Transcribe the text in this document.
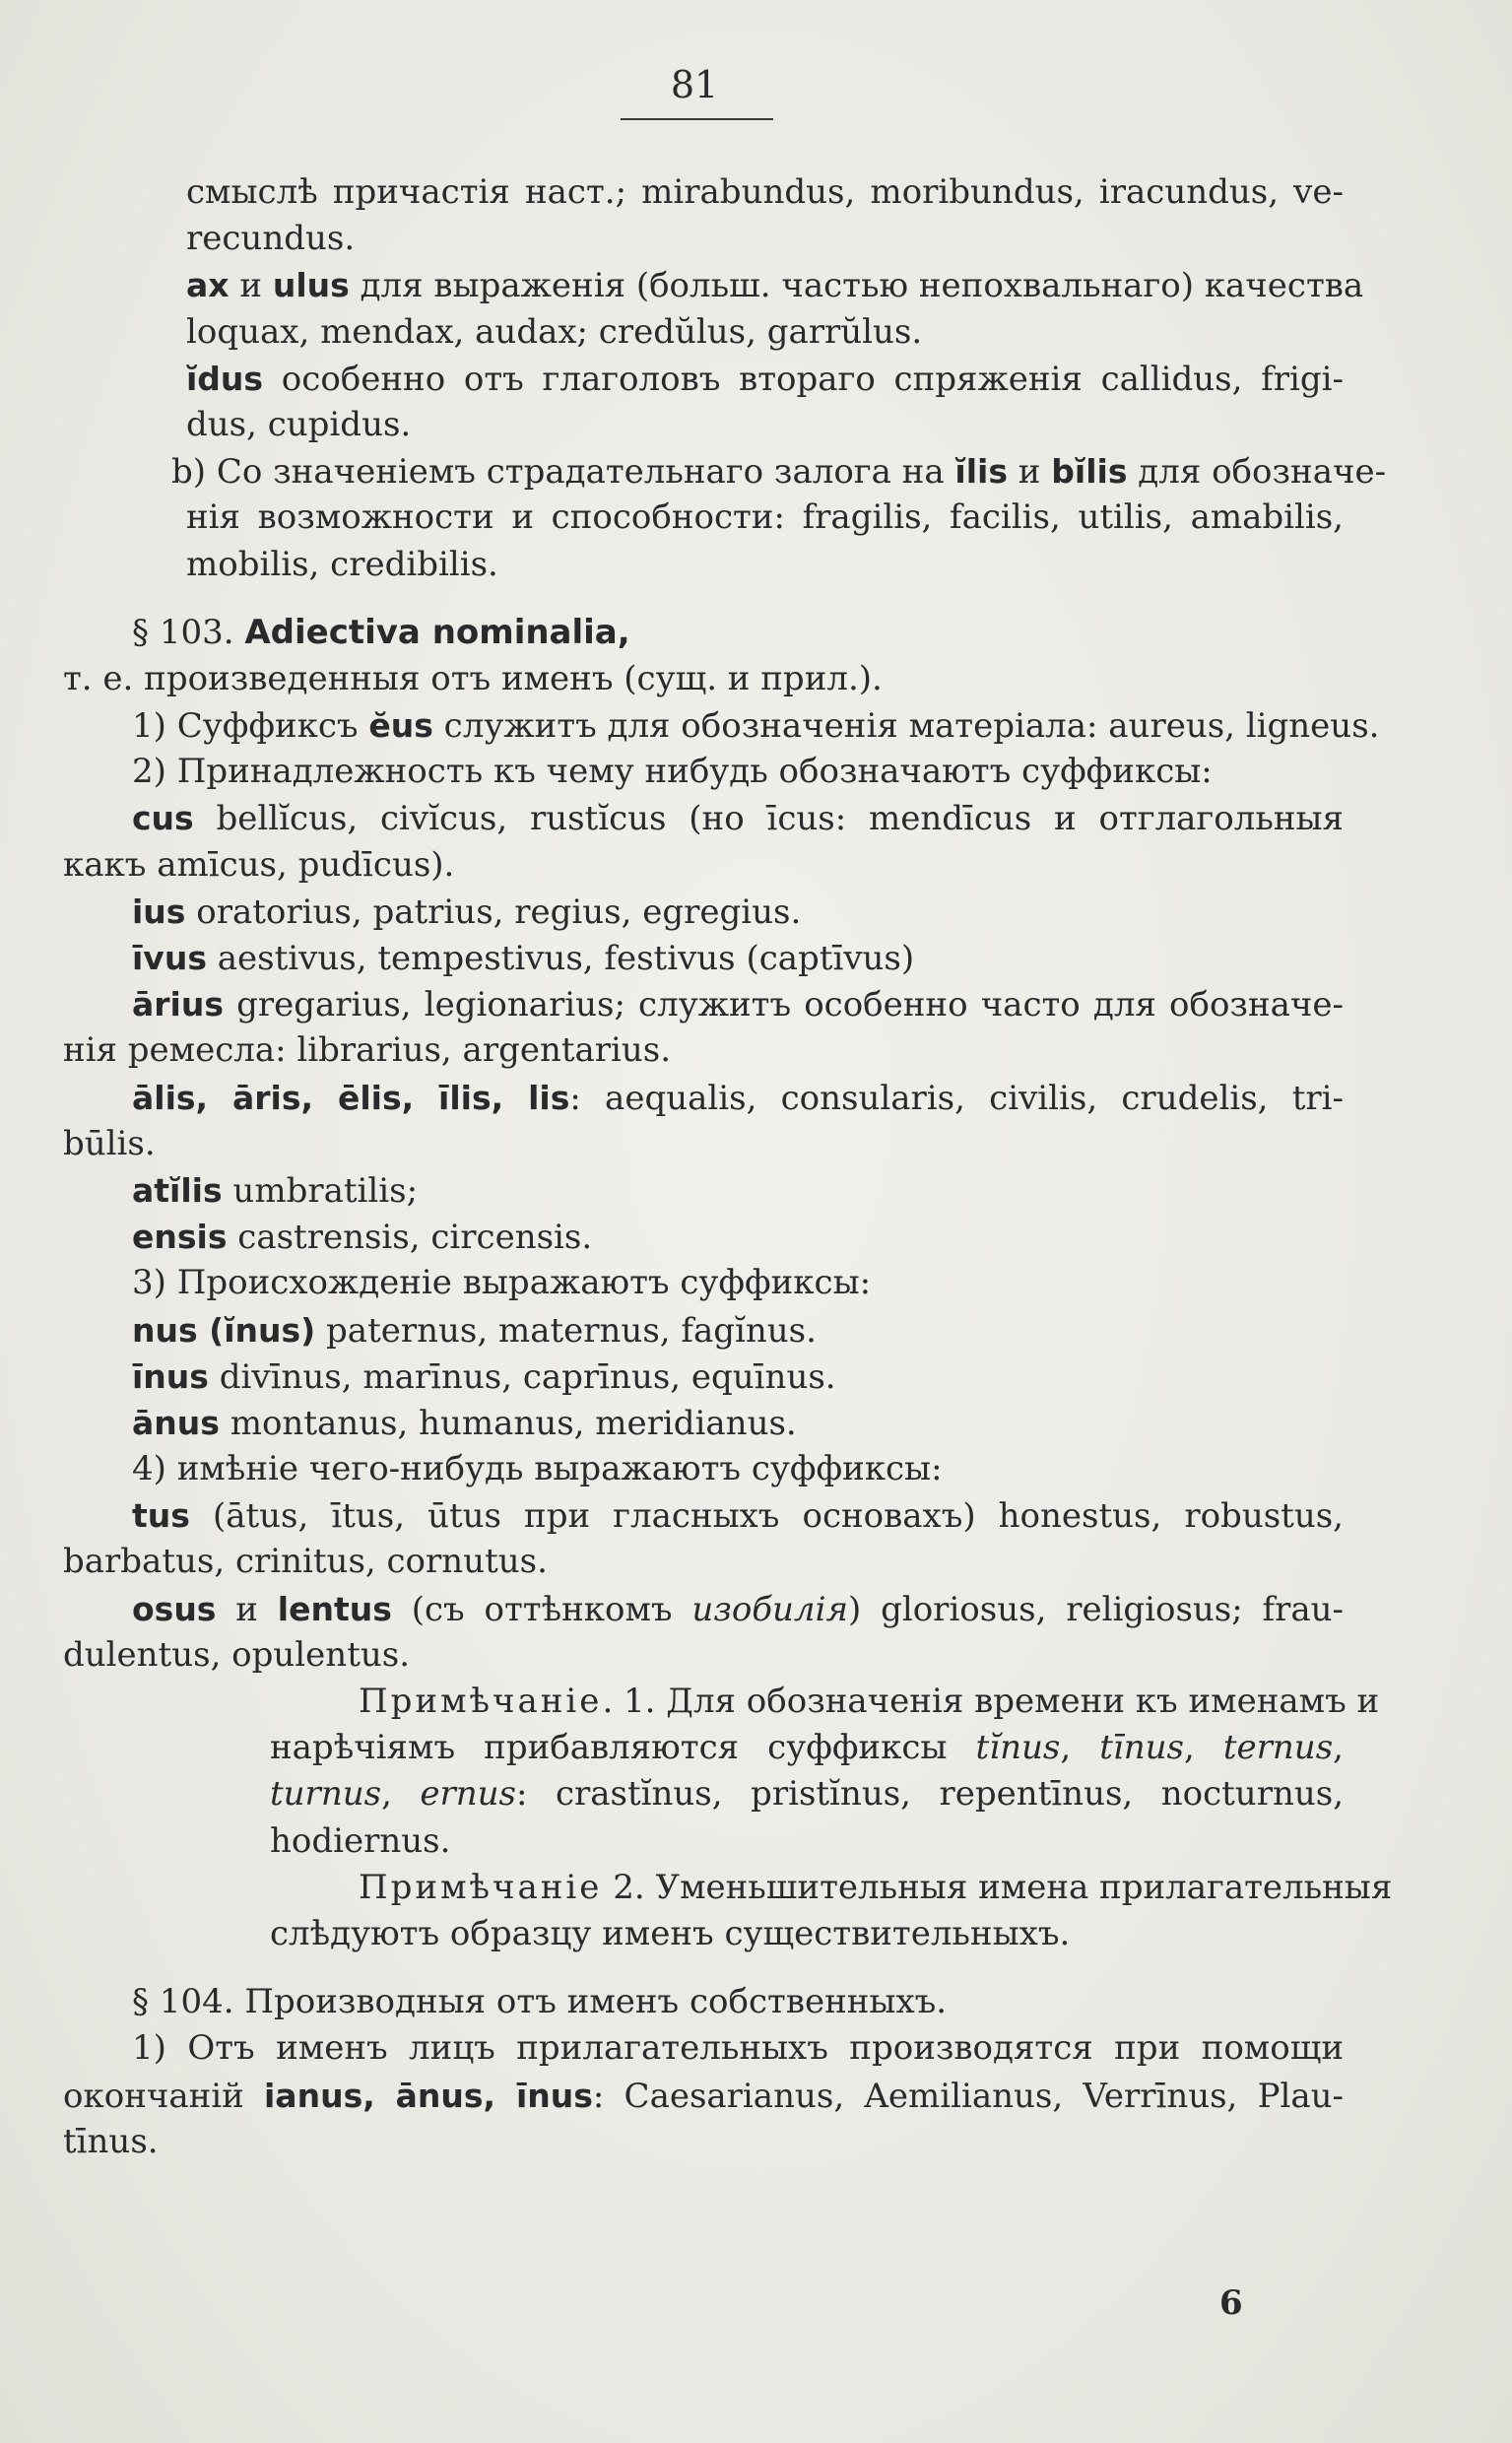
81
смыслѣ причастія наст.; mirabundus, moribundus, iracundus, ve-
recundus.
ax и ulus для выраженія (больш. частью непохвальнаго) качества
loquax, mendax, audax; credŭlus, garrŭlus.
ĭdus особенно отъ глаголовъ втораго спряженія callidus, frigi-
dus, cupidus.
b) Со значеніемъ страдательнаго залога на ĭlis и bĭlis для обозначе-
нія возможности и способности: fragilis, facilis, utilis, amabilis,
mobilis, credibilis.
§ 103. Adiectiva nominalia,
т. е. произведенныя отъ именъ (сущ. и прил.).
1) Суффиксъ ĕus служитъ для обозначенія матеріала: aureus, ligneus.
2) Принадлежность къ чему нибудь обозначаютъ суффиксы:
cus bellĭcus, civĭcus, rustĭcus (но īcus: mendīcus и отглагольныя
какъ amīcus, pudīcus).
ius oratorius, patrius, regius, egregius.
īvus aestivus, tempestivus, festivus (captīvus)
ārius gregarius, legionarius; служитъ особенно часто для обозначе-
нія ремесла: librarius, argentarius.
ālis, āris, ēlis, īlis, lis: aequalis, consularis, civilis, crudelis, tri-
būlis.
atĭlis umbratilis;
ensis castrensis, circensis.
3) Происхожденіе выражаютъ суффиксы:
nus (ĭnus) paternus, maternus, fagĭnus.
īnus divīnus, marīnus, caprīnus, equīnus.
ānus montanus, humanus, meridianus.
4) имѣніе чего-нибудь выражаютъ суффиксы:
tus (ātus, ītus, ūtus при гласныхъ основахъ) honestus, robustus,
barbatus, crinitus, cornutus.
osus и lentus (съ оттѣнкомъ изобилія) gloriosus, religiosus; frau-
dulentus, opulentus.
Примѣчаніе. 1. Для обозначенія времени къ именамъ и
нарѣчіямъ прибавляются суффиксы tĭnus, tīnus, ternus,
turnus, ernus: crastĭnus, pristĭnus, repentīnus, nocturnus,
hodiernus.
Примѣчаніе 2. Уменьшительныя имена прилагательныя
слѣдуютъ образцу именъ существительныхъ.
§ 104. Производныя отъ именъ собственныхъ.
1) Отъ именъ лицъ прилагательныхъ производятся при помощи
окончаній ianus, ānus, īnus: Caesarianus, Aemilianus, Verrīnus, Plau-
tīnus.
6
